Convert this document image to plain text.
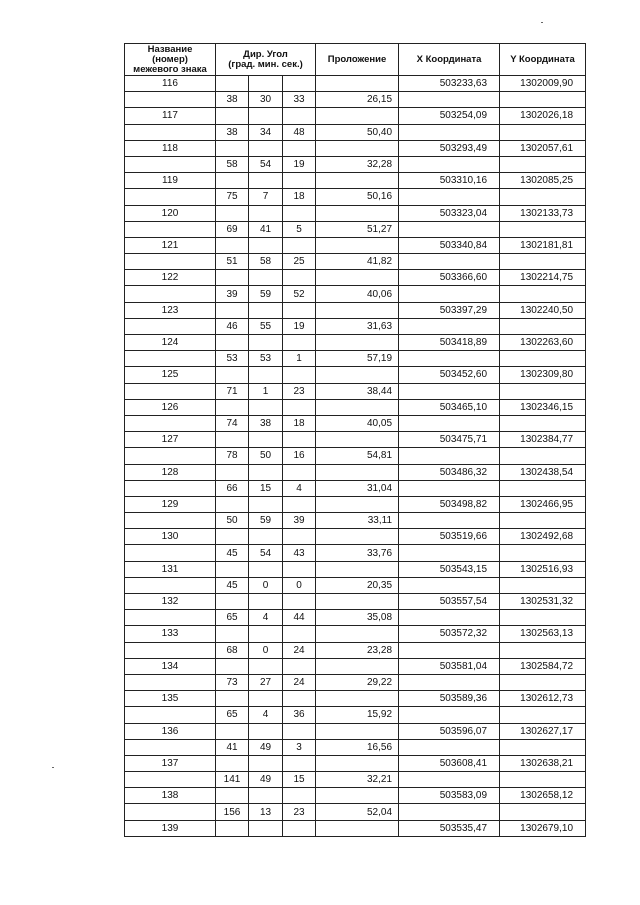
Название
(номер)
межевого знака	Дир. Угол
(град. мин. сек.)			Проложение	X Координата	Y Координата
116					503233,63	1302009,90
	38	30	33	26,15		
117					503254,09	1302026,18
	38	34	48	50,40		
118					503293,49	1302057,61
	58	54	19	32,28		
119					503310,16	1302085,25
	75	7	18	50,16		
120					503323,04	1302133,73
	69	41	5	51,27		
121					503340,84	1302181,81
	51	58	25	41,82		
122					503366,60	1302214,75
	39	59	52	40,06		
123					503397,29	1302240,50
	46	55	19	31,63		
124					503418,89	1302263,60
	53	53	1	57,19		
125					503452,60	1302309,80
	71	1	23	38,44		
126					503465,10	1302346,15
	74	38	18	40,05		
127					503475,71	1302384,77
	78	50	16	54,81		
128					503486,32	1302438,54
	66	15	4	31,04		
129					503498,82	1302466,95
	50	59	39	33,11		
130					503519,66	1302492,68
	45	54	43	33,76		
131					503543,15	1302516,93
	45	0	0	20,35		
132					503557,54	1302531,32
	65	4	44	35,08		
133					503572,32	1302563,13
	68	0	24	23,28		
134					503581,04	1302584,72
	73	27	24	29,22		
135					503589,36	1302612,73
	65	4	36	15,92		
136					503596,07	1302627,17
	41	49	3	16,56		
137					503608,41	1302638,21
	141	49	15	32,21		
138					503583,09	1302658,12
	156	13	23	52,04		
139					503535,47	1302679,10
